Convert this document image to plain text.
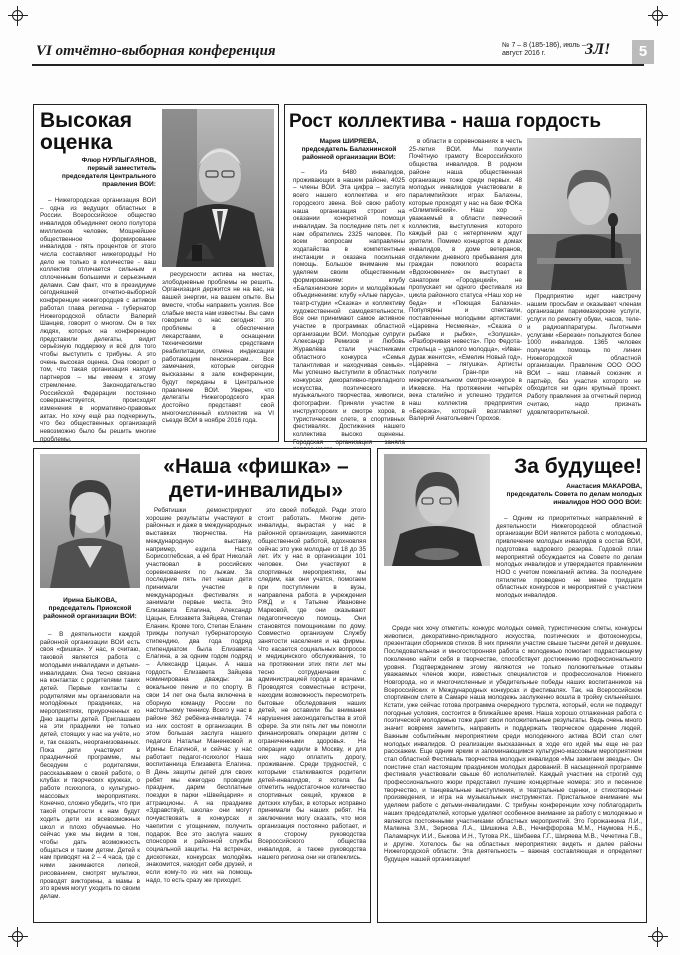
VI отчётно-выборная конференция	№ 7 – 8 (185-186), июль – август 2016 г.	ЗЛ!	5
Высокая
оценка
Флюр НУРЛЫГАЯНОВ,
первый заместитель председателя Центрального правления ВОИ:

– Нижегородская организация ВОИ – одна из ведущих областных в России. Всероссийское общество инвалидов объединяет около полутора миллионов человек. Мощнейшее общественное формирование инвалидов - пять процентов от этого числа составляют нижегородцы! Но дело не только в количестве - ваш коллектив отличается сильным и сплоченным большими и серьезными делами. Сам факт, что в президиуме сегодняшней отчетно-выборной конференции нижегородцев с активом работал глава региона - губернатор Нижегородской области Валерий Шанцев, говорит о многом. Он в тех людях, которых на конференцию представили делегаты, видит серьёзную поддержку и всё для того чтобы выступить с трибуны. А это очень высокая оценка. Она говорит о том, что такая организация находит партнеров – мы имеем к этому стремление. Законодательство Российской Федерации постоянно совершенствуется, происходят изменения в нормативно-правовых актах. Но хочу ещё раз подчеркнуть, что без общественных организаций невозможно было бы решить многие проблемы.

ресурсности актива на местах, злободневные проблемы не решить. Организация держится не на вас, на вашей энергии, на вашем опыте. Вы вместе, чтобы направить усилия. Все слабые места нам известны. Вы сами говорили о нас сегодня: это проблемы в обеспечении лекарствами, в оснащении техническими средствами реабилитации, отмена индексации работающим пенсионерам... Все замечания, которые сегодня высказаны в зале конференции, будут переданы в Центральное правление ВОИ. Уверен, что делегаты Нижегородского края достойно представят свой многочисленный коллектив на VI съезде ВОИ в ноябре 2016 года.

Рост коллектива - наша гордость
Мария ШИРЯЕВА,
председатель Балахнинской районной организации ВОИ:

– Из 6480 инвалидов, проживающих в нашем районе, 4025 – члены ВОИ. Эта цифра – заслуга всего нашего коллектива и его городского звена. Всё свою работу наша организация строит на оказании конкретной помощи инвалидам. За последние пять лет к нам обратились 2325 человек. По всем вопросам направлены ходатайства в компетентные инстанции и оказана посильная помощь. Большое внимание мы уделяем своим общественным формированиям: клубу «Балахнинские зори» и молодёжным объединениям: клубу «Алые паруса», театр-студии «Сказка» и коллективу художественной самодеятельности. Все они принимают самое активное участие в программах областной организации ВОИ. Молодые супруги Александр Ремизов и Любовь Журавлёва стали участниками областного конкурса «Семья талантливая и находчивая семья». Мы успешно выступили в областных конкурсах декоративно-прикладного искусства, поэтического и музыкального творчества, живописи, фотографии. Приняли участие в инструкторских и смотре хоров, в туристическом слете, в спортивных фестивалях. Достижения нашего коллектива высоко оценены. Городская организация заняла

в области в соревнованиях в честь 25-летия ВОИ. Мы получили Почётную грамоту Всероссийского общества инвалидов. В родном районе наша общественная организация тоже среди первых. 48 молодых инвалидов участвовали в паралимпийских играх Балахны, которые проходят у нас на базе ФОКа «Олимпийский». Наш хор - уважаемый в области певческий коллектив, выступления которого каждый раз с нетерпением ждут зрители. Помимо концертов в домах инвалидов, в доме ветеранов, отделении дневного пребывания для граждан пожилого возраста «Вдохновение» он выступает в санатории «Городецкий», не пропускает ни одного фестиваля из цикла районного статуса «Наш хор не беда» и «Поющая Балахна». Популярны и спектакли, поставленные молодыми артистами: «Царевна Несмеяна», «Сказка о рыбаке и рыбке», «Золушка», «Разборчивая невеста». Про Федота-стрельца – удалого молодца», «Иван-дурак женится», «Емелин Новый год», «Царевна – лягушка». Артисты получили Гран-при на межрегиональном смотре-конкурсе в Ижевске. На протяжении четырёх века сталийно и успешно трудится наш коллектив предприятия «Березка», который возглавляет Валерий Анатольевич Горохов.

Предприятие идет навстречу нашим просьбам и оказывает членам организации парикмахерские услуги, услуги по ремонту обуви, часов, теле- и радиоаппаратуры. Льготными услугами «Березки» пользуются более 1000 инвалидов. 1365 человек получили помощь по линии Нижегородской областной организации. Правление ООО ООО ВОИ – наш главный союзник и партнёр, без участия которого не обходится ни один крупный проект. Работу правления за отчетный период считаю, надо признать удовлетворительной.

«Наша «фишка» –
дети-инвалиды»
Ирина БЫКОВА,
председатель Приокской районной организации ВОИ:

– В деятельности каждой районной организации ВОИ есть своя «фишка». У нас, я считаю, таковой является работа с молодыми инвалидами и детьми-инвалидами. Она тесно связана на контактах с родителями таких детей. Первые контакты с родителями мы организовали на молодёжных праздниках, на мероприятиях, приуроченных ко Дню защиты детей. Приглашаем на эти праздники не только детей, стоящих у нас на учёте, но и, так сказать, неорганизованных. Пока дети участвуют в праздничной программе, мы беседуем с родителями, рассказываем о своей работе, о клубах и творческих кружках, о работе психолога, о культурно-массовых мероприятиях. Конечно, сложно убедить, что при такой открытости к нам будут ходить дети из всевозможных школ и плохо обучаемые. Но сейчас уже мы видим в том, чтобы дать возможность общаться и таким детям. Детей к нам приводят на 2 – 4 часа, где с ними занимаются лепкой, рисованием, смотрят мультики, проводят викторины, а мамы в это время могут уходить по своим делам.

Ребятишки демонстрируют хорошие результаты участвуют в районных и даже в международных выставках творчества. На международную выставку, например, ездила Настя Борисоглебская, а её брат Николай участвовал в российских соревнованиях по лыжам. За последние пять лет наши дети принимали участие в международных фестивалях и занимали первые места. Это Елизавета Елагина, Александр Цацын, Елизавета Зайцева, Степан Еланин. Кроме того, Степан Еланин трижды получал губернаторскую стипендию, два года подряд стипендиатом была Елизавета Елагина, а за одним годом подряд – Александр Цацын. А наша гордость Елизавета Зайцева номинирована дважды: за вокальное пение и по спорту. В свои 14 лет она была включена в сборную команду России по настольному теннису. Всего у нас в районе 362 ребёнка-инвалида. 74 из них состоят в организации. В этом большая заслуга нашего педагога Натальи Маненковой и Ирины Елагиной, и сейчас у нас работает педагог-психолог Наша воспитанница Елизавета Елагина. В День защиты детей для своих ребят мы ежегодно проводим праздник, дарим бесплатные поездки в парки «Швейцария» и аттракционы. А на празднике «Здравствуй, школа» они могут почувствовать в конкурсах и чаепитии с угощением, получить подарок. Все это заслуга наших спонсоров и районной службы социальной защиты. На встречах, дискотеках, конкурсах молодёжь знакомится, находит себе друзей, и если кому-то из них на помощь надо, то есть сразу же приходит.

это своей победой. Ради этого стоит работать. Многие дети-инвалиды, вырастая у нас в районной организации, занимаются общественной работой, вдохновляя сейчас это уже молодые от 18 до 35 лет. Их у нас в организации 101 человек. Они участвуют в спортивных мероприятиях, мы следим, как они учатся, помогаем при поступлении в вузы, направлена работа в учреждения РЖД и к Татьяне Ивановне Марковой, где они оказывают педагогическую помощь. Они становятся помощниками по дому. Совместно организуем Службу занятости населения и на фирмы. Что касается социальных вопросов и медицинского обслуживания, то на протяжении этих пяти лет мы тесно сотрудничаем с администрацией города и врачами. Проводятся совместные встречи, находим возможность пересмотреть бытовые обследования наших детей, не оставили бы внимания нарушения законодательства в этой сфере. За эти пять лет мы помогли финансировать операции детям с ограниченными здоровья. На операции ездили в Москву, и для них надо оплатить дорогу, проживание. Среди трудностей, с которыми сталкиваются родители детей-инвалидов, я хотела бы отметить недостаточное количество спортивных секций, кружков в детских клубах, в которых исправно принимали бы наших ребят. На заключении могу сказать, что моя организация постоянно работает, и в сторону руководства Всероссийского общества инвалидов, а также руководства нашего региона они ни отвлеклись.

За будущее!
Анастасия МАКАРОВА,
председатель Совета по делам молодых инвалидов НОО ООО ВОИ:

– Одним из приоритетных направлений в деятельности Нижегородской областной организации ВОИ является работа с молодежью, привлечение молодых инвалидов в состав ВОИ, подготовка кадрового резерва. Годовой план мероприятий обсуждается на Совете по делам молодых инвалидов и утверждается правлением НОО с учетом пожеланий актива. За последние пятилетие проведено не менее тридцати областных конкурсов и мероприятий с участием молодых инвалидов.

Среди них хочу отметить: конкурс молодых семей, туристические слеты, конкурсы живописи, декоративно-прикладного искусства, поэтических и фотоконкурсы, презентации сборников стихов. В них приняли участие свыше тысячи детей и девушек. Последовательная и многосторонняя работа с молодежью помогает подрастающему поколению найти себя в творчестве, способствует достижению профессионального уровня. Подтверждением этому являются не только положительные отзывы уважаемых членов жюри, известных специалистов и профессионалов Нижнего Новгорода, но и многочисленные и убедительные победы наших воспитанников на Всероссийских и Международных конкурсах и фестивалях. Так, на Всероссийском спортивном слете в Самаре наша молодежь заслуженно вошла в тройку сильнейших. Кстати, уже сейчас готова программа очередного турслета, который, если не подведут погодные условия, состоится в ближайшее время. Наша хорошо отлаженная работа с поэтической молодежью тоже дает свои положительные результаты. Ведь очень много значит вовремя заметить, направить и поддержать творческое одарение людей. Важным событийным мероприятием среди молодежного актива ВОИ стал слет молодых инвалидов. О реализации высказанных в ходе его идей мы еще не раз расскажем. Еще одним ярким и запоминающимся культурно-массовым мероприятием стал областной Фестиваль творчества молодых инвалидов «Мы зажигаем звезды». Он поистине стал настоящим праздником молодых дарований. В насыщенной программе фестиваля участвовали свыше 60 исполнителей. Каждый участник на строгий суд профессионального жюри представил лучшие концертные номера: это и песенное творчество, и танцевальные выступления, и театральные сценки, и стихотворные произведения, и игра на музыкальных инструментах. Пристальное внимание мы уделяем работе с детьми-инвалидами. С трибуны конференции хочу поблагодарить наших председателей, которые уделяют особенное внимание за работу с молодежью и являются постоянными участниками областных мероприятий. Это Горожанкина Л.И., Малкина З.М., Зернова Л.А., Шишкина А.В., Нечиффорова М.М., Наумова Н.Б., Паламарчук И.И., Быкова И.Н., Тутова Р.К., Шибаева Г.Г., Ширяева М.В., Чечетина Г.В., и другие. Хотелось бы на областных мероприятиях видеть и далее районы Нижегородской области. Эта деятельность – важная составляющая и определяет будущее нашей организации!
